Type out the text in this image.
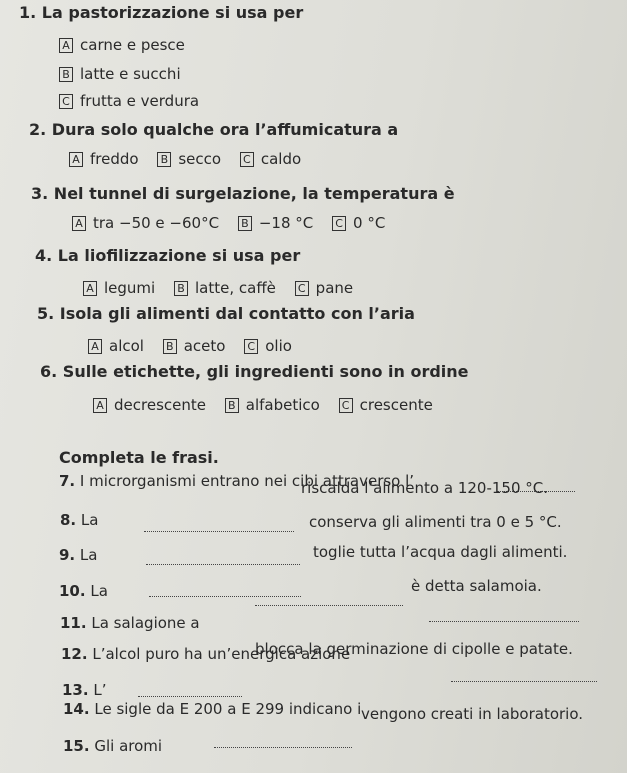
1. La pastorizzazione si usa per
A carne e pesce
B latte e succhi
C frutta e verdura
2. Dura solo qualche ora l’affumicatura a
A freddo B secco C caldo
3. Nel tunnel di surgelazione, la temperatura è
A tra −50 e −60°C B −18 °C C 0 °C
4. La liofilizzazione si usa per
A legumi B latte, caffè C pane
5. Isola gli alimenti dal contatto con l’aria
A alcol B aceto C olio
6. Sulle etichette, gli ingredienti sono in ordine
A decrescente B alfabetico C crescente
Completa le frasi.
7. I microrganismi entrano nei cibi attraverso l’
riscalda l’alimento a 120-150 °C.
8. La	conserva gli alimenti tra 0 e 5 °C.
9. La	toglie tutta l’acqua dagli alimenti.
10. La	è detta salamoia.
11. La salagione a
12. L’alcol puro ha un’energica azione
blocca la germinazione di cipolle e patate.
13. L’
14. Le sigle da E 200 a E 299 indicano i vengono creati in laboratorio.
15. Gli aromi
